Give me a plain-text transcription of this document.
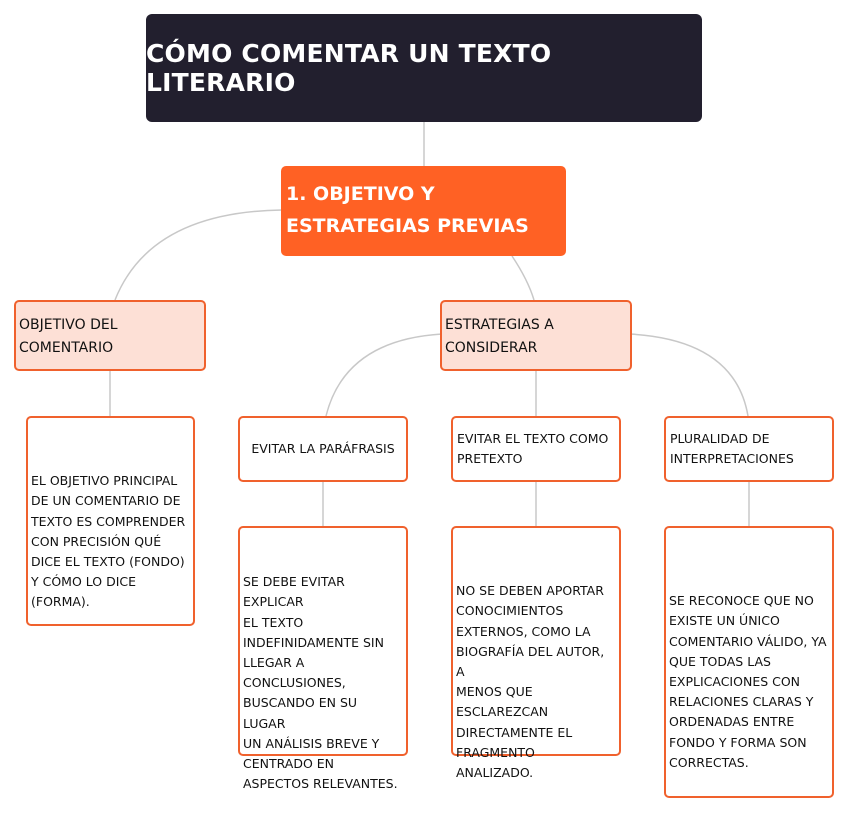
CÓMO COMENTAR UN TEXTO LITERARIO
1. OBJETIVO Y
ESTRATEGIAS PREVIAS
OBJETIVO DEL
COMENTARIO
ESTRATEGIAS A
CONSIDERAR

EL OBJETIVO PRINCIPAL
DE UN COMENTARIO DE
TEXTO ES COMPRENDER
CON PRECISIÓN QUÉ
DICE EL TEXTO (FONDO)
Y CÓMO LO DICE
(FORMA).

EVITAR LA PARÁFRASIS
EVITAR EL TEXTO COMO
PRETEXTO
PLURALIDAD DE
INTERPRETACIONES

SE DEBE EVITAR EXPLICAR
EL TEXTO
INDEFINIDAMENTE SIN
LLEGAR A
CONCLUSIONES,
BUSCANDO EN SU LUGAR
UN ANÁLISIS BREVE Y
CENTRADO EN
ASPECTOS RELEVANTES.

NO SE DEBEN APORTAR
CONOCIMIENTOS
EXTERNOS, COMO LA
BIOGRAFÍA DEL AUTOR, A
MENOS QUE
ESCLAREZCAN
DIRECTAMENTE EL
FRAGMENTO ANALIZADO.

SE RECONOCE QUE NO
EXISTE UN ÚNICO
COMENTARIO VÁLIDO, YA
QUE TODAS LAS
EXPLICACIONES CON
RELACIONES CLARAS Y
ORDENADAS ENTRE
FONDO Y FORMA SON
CORRECTAS.
